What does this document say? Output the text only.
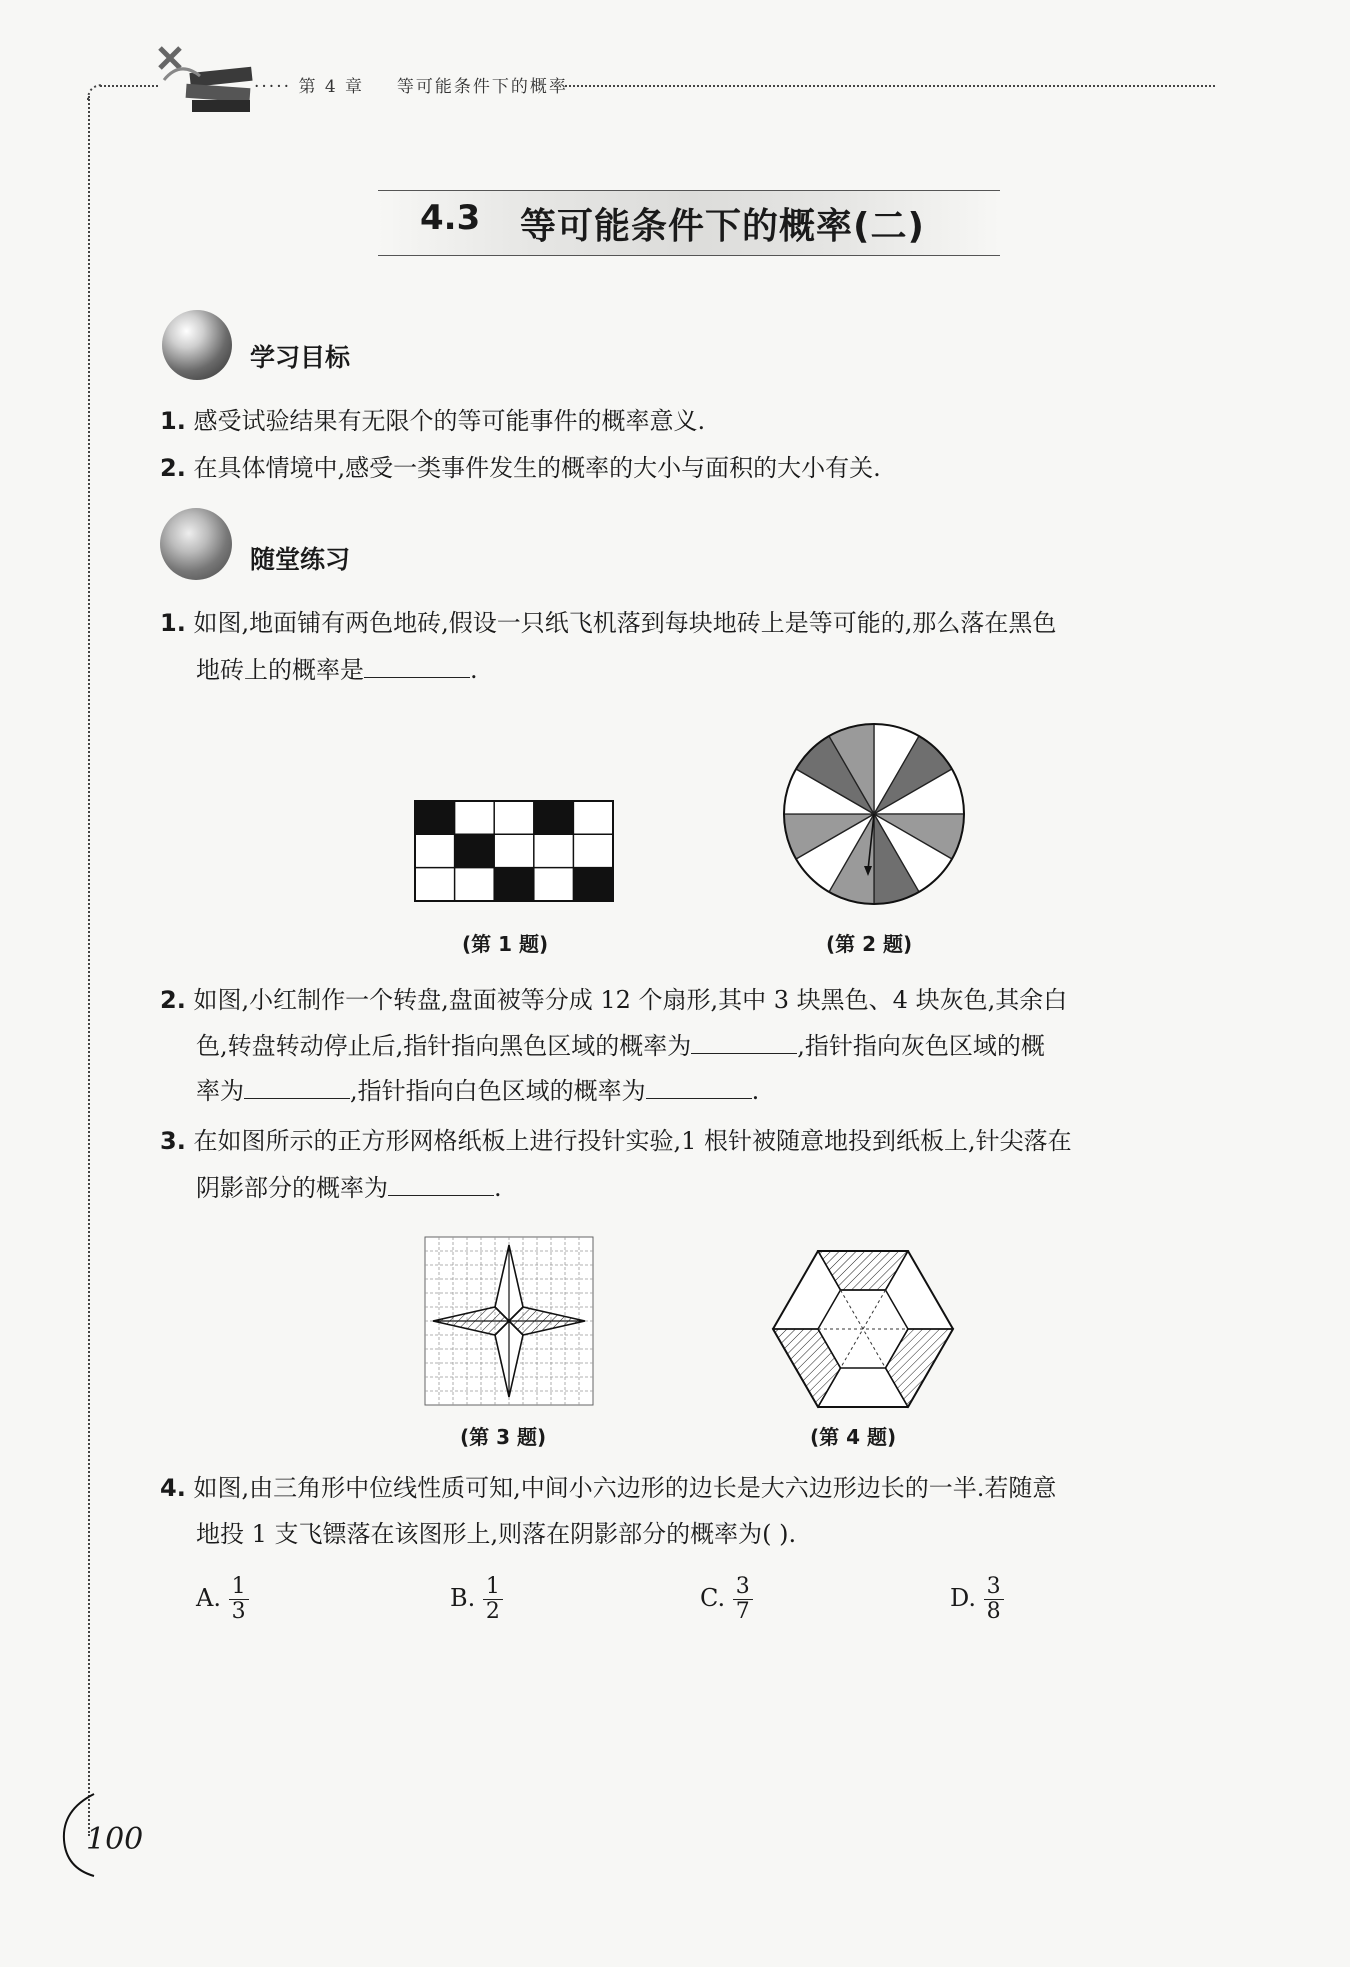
····· 第 4 章 等可能条件下的概率
4.3 等可能条件下的概率(二)
学习目标
1. 感受试验结果有无限个的等可能事件的概率意义.
2. 在具体情境中,感受一类事件发生的概率的大小与面积的大小有关.
随堂练习
1. 如图,地面铺有两色地砖,假设一只纸飞机落到每块地砖上是等可能的,那么落在黑色
地砖上的概率是	.
(第 1 题)	(第 2 题)
2. 如图,小红制作一个转盘,盘面被等分成 12 个扇形,其中 3 块黑色、4 块灰色,其余白
色,转盘转动停止后,指针指向黑色区域的概率为	,指针指向灰色区域的概
率为	,指针指向白色区域的概率为	.
3. 在如图所示的正方形网格纸板上进行投针实验,1 根针被随意地投到纸板上,针尖落在
阴影部分的概率为	.
(第 3 题)	(第 4 题)
4. 如图,由三角形中位线性质可知,中间小六边形的边长是大六边形边长的一半.若随意
地投 1 支飞镖落在该图形上,则落在阴影部分的概率为( ).
A. $\frac{1}{3}$	B. $\frac{1}{2}$	C. $\frac{3}{7}$	D. $\frac{3}{8}$
100
